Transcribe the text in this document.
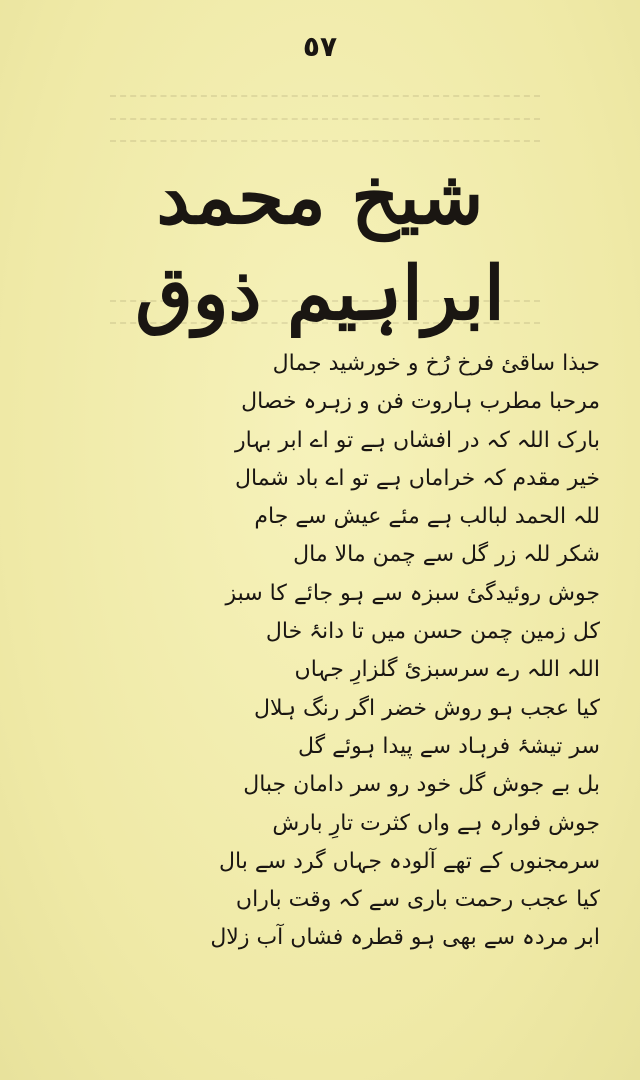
٥٧
شیخ محمد ابراہیم ذوق
حبذا ساقئ فرخ رُخ و خورشید جمال
مرحبا مطرب ہاروت فن و زہرہ خصال
بارک اللہ کہ در افشاں ہے تو اے ابر بہار
خیر مقدم کہ خراماں ہے تو اے باد شمال
للہ الحمد لبالب ہے مئے عیش سے جام
شکر للہ زر گل سے چمن مالا مال
جوش روئیدگیٔ سبزہ سے ہو جائے کا سبز
کل زمین چمن حسن میں تا دانۂ خال
اللہ اللہ رے سرسبزیٔ گلزارِ جہاں
کیا عجب ہو روش خضر اگر رنگ ہلال
سر تیشۂ فرہاد سے پیدا ہوئے گل
بل بے جوش گل خود رو سر دامان جبال
جوش فوارہ ہے واں کثرت تارِ بارش
سرمجنوں کے تھے آلودہ جہاں گرد سے بال
کیا عجب رحمت باری سے کہ وقت باراں
ابر مردہ سے بھی ہو قطرہ فشاں آب زلال
